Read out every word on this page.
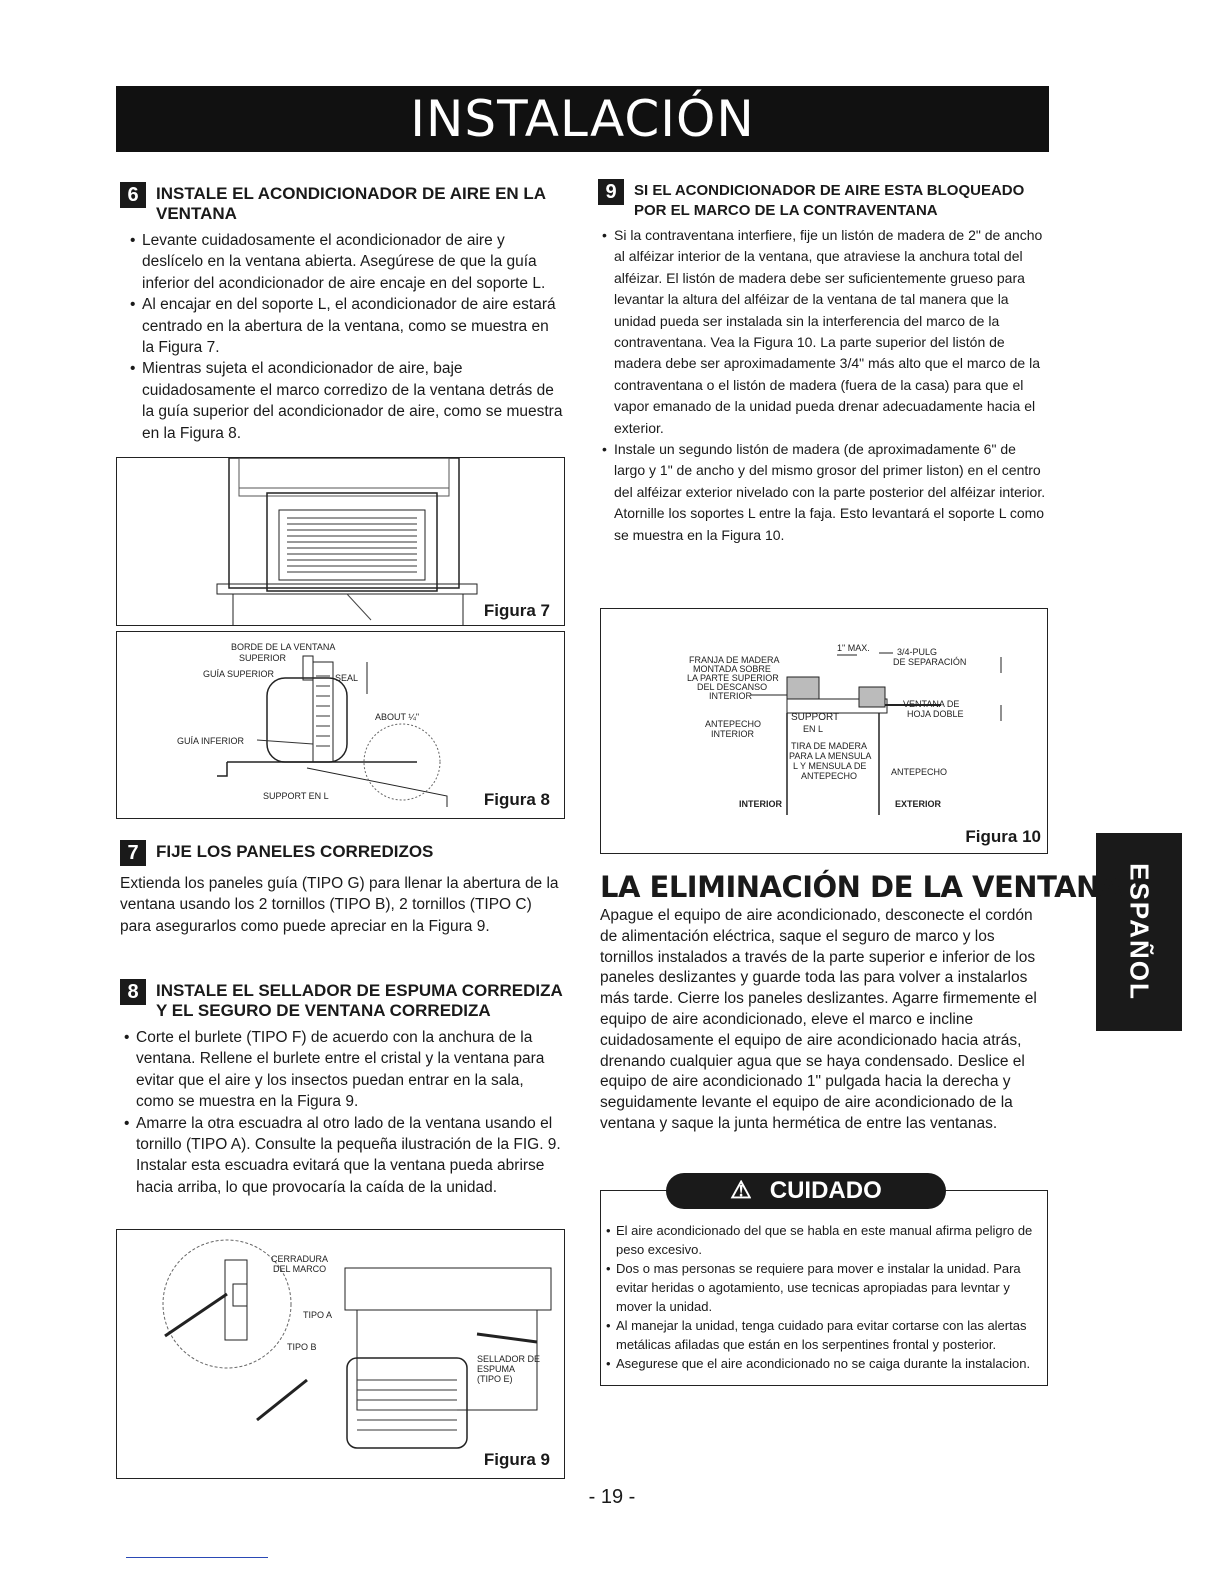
INSTALACIÓN
ESPAÑOL
6	INSTALE EL ACONDICIONADOR DE AIRE EN LA VENTANA
• Levante cuidadosamente el acondicionador de aire y deslícelo en la ventana abierta. Asegúrese de que la guía inferior del acondicionador de aire encaje en del soporte L.
• Al encajar en del soporte L, el acondicionador de aire estará centrado en la abertura de la ventana, como se muestra en la Figura 7.
• Mientras sujeta el acondicionador de aire, baje cuidadosamente el marco corredizo de la ventana detrás de la guía superior del acondicionador de aire, como se muestra en la Figura 8.
Figura 7
BORDE DE LA VENTANA
SUPERIOR
GUÍA SUPERIOR	SEAL
ABOUT ¼"
GUÍA INFERIOR
SUPPORT EN L	Figura 8
7	FIJE LOS PANELES CORREDIZOS
Extienda los paneles guía (TIPO G) para llenar la abertura de la ventana usando los 2 tornillos (TIPO B), 2 tornillos (TIPO C) para asegurarlos como puede apreciar en la Figura 9.
8	INSTALE EL SELLADOR DE ESPUMA CORREDIZA Y EL SEGURO DE VENTANA CORREDIZA
• Corte el burlete (TIPO F) de acuerdo con la anchura de la ventana. Rellene el burlete entre el cristal y la ventana para evitar que el aire y los insectos puedan entrar en la sala, como se muestra en la Figura 9.
• Amarre la otra escuadra al otro lado de la ventana usando el tornillo (TIPO A). Consulte la pequeña ilustración de la FIG. 9. Instalar esta escuadra evitará que la ventana pueda abrirse hacia arriba, lo que provocaría la caída de la unidad.
CERRADURA
DEL MARCO
TIPO A
TIPO B
SELLADOR DE
ESPUMA
(TIPO E)
Figura 9
9	SI EL ACONDICIONADOR DE AIRE ESTA BLOQUEADO POR EL MARCO DE LA CONTRAVENTANA
• Si la contraventana interfiere, fije un listón de madera de 2" de ancho al alféizar interior de la ventana, que atraviese la anchura total del alféizar. El listón de madera debe ser suficientemente grueso para levantar la altura del alféizar de la ventana de tal manera que la unidad pueda ser instalada sin la interferencia del marco de la contraventana. Vea la Figura 10. La parte superior del listón de madera debe ser aproximadamente 3/4" más alto que el marco de la contraventana o el listón de madera (fuera de la casa) para que el vapor emanado de la unidad pueda drenar adecuadamente hacia el exterior.
• Instale un segundo listón de madera (de aproximadamente 6" de largo y 1" de ancho y del mismo grosor del primer liston) en el centro del alféizar exterior nivelado con la parte posterior del alféizar interior. Atornille los soportes L entre la faja. Esto levantará el soporte L como se muestra en la Figura 10.
FRANJA DE MADERA
MONTADA SOBRE
LA PARTE SUPERIOR
DEL DESCANSO
INTERIOR
1" MAX.	3/4-PULG
DE SEPARACIÓN
VENTANA DE
HOJA DOBLE
ANTEPECHO
INTERIOR
SUPPORT
EN L
TIRA DE MADERA
PARA LA MENSULA
L Y MENSULA DE
ANTEPECHO	ANTEPECHO
INTERIOR	EXTERIOR
Figura 10
LA ELIMINACIÓN DE LA VENTANA
Apague el equipo de aire acondicionado, desconecte el cordón de alimentación eléctrica, saque el seguro de marco y los tornillos instalados a través de la parte superior e inferior de los paneles deslizantes y guarde toda las para volver a instalarlos más tarde. Cierre los paneles deslizantes. Agarre firmemente el equipo de aire acondicionado, eleve el marco e incline cuidadosamente el equipo de aire acondicionado hacia atrás, drenando cualquier agua que se haya condensado. Deslice el equipo de aire acondicionado 1" pulgada hacia la derecha y seguidamente levante el equipo de aire acondicionado de la ventana y saque la junta hermética de entre las ventanas.
⚠ CUIDADO
• El aire acondicionado del que se habla en este manual afirma peligro de peso excesivo.
• Dos o mas personas se requiere para mover e instalar la unidad. Para evitar heridas o agotamiento, use tecnicas apropiadas para levntar y mover la unidad.
• Al manejar la unidad, tenga cuidado para evitar cortarse con las alertas metálicas afiladas que están en los serpentines frontal y posterior.
• Asegurese que el aire acondicionado no se caiga durante la instalacion.
- 19 -
